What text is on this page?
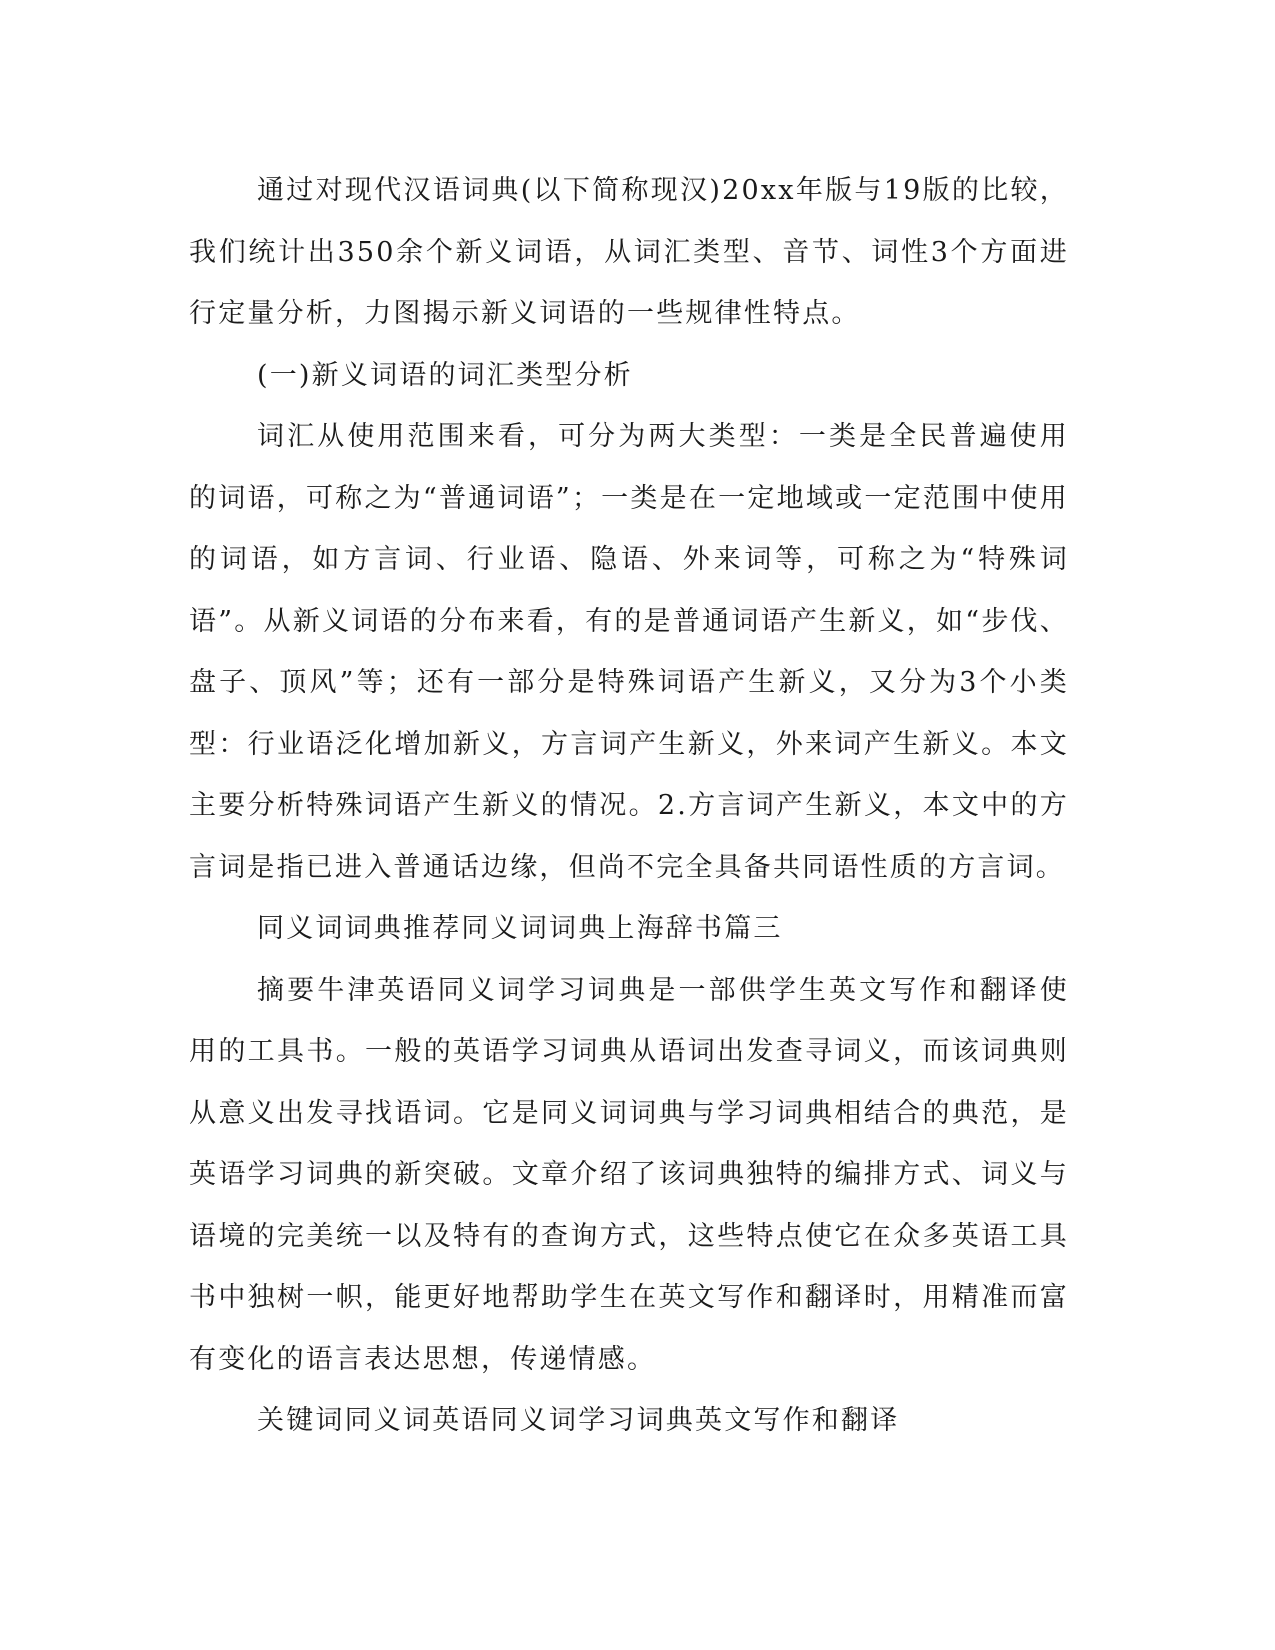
通过对现代汉语词典(以下简称现汉)20xx年版与19版的比较，我们统计出350余个新义词语，从词汇类型、音节、词性3个方面进行定量分析，力图揭示新义词语的一些规律性特点。

(一)新义词语的词汇类型分析

词汇从使用范围来看，可分为两大类型：一类是全民普遍使用的词语，可称之为“普通词语”；一类是在一定地域或一定范围中使用的词语，如方言词、行业语、隐语、外来词等，可称之为“特殊词语”。从新义词语的分布来看，有的是普通词语产生新义，如“步伐、盘子、顶风”等；还有一部分是特殊词语产生新义，又分为3个小类型：行业语泛化增加新义，方言词产生新义，外来词产生新义。本文主要分析特殊词语产生新义的情况。2.方言词产生新义，本文中的方言词是指已进入普通话边缘，但尚不完全具备共同语性质的方言词。

同义词词典推荐同义词词典上海辞书篇三

摘要牛津英语同义词学习词典是一部供学生英文写作和翻译使用的工具书。一般的英语学习词典从语词出发查寻词义，而该词典则从意义出发寻找语词。它是同义词词典与学习词典相结合的典范，是英语学习词典的新突破。文章介绍了该词典独特的编排方式、词义与语境的完美统一以及特有的查询方式，这些特点使它在众多英语工具书中独树一帜，能更好地帮助学生在英文写作和翻译时，用精准而富有变化的语言表达思想，传递情感。

关键词同义词英语同义词学习词典英文写作和翻译
